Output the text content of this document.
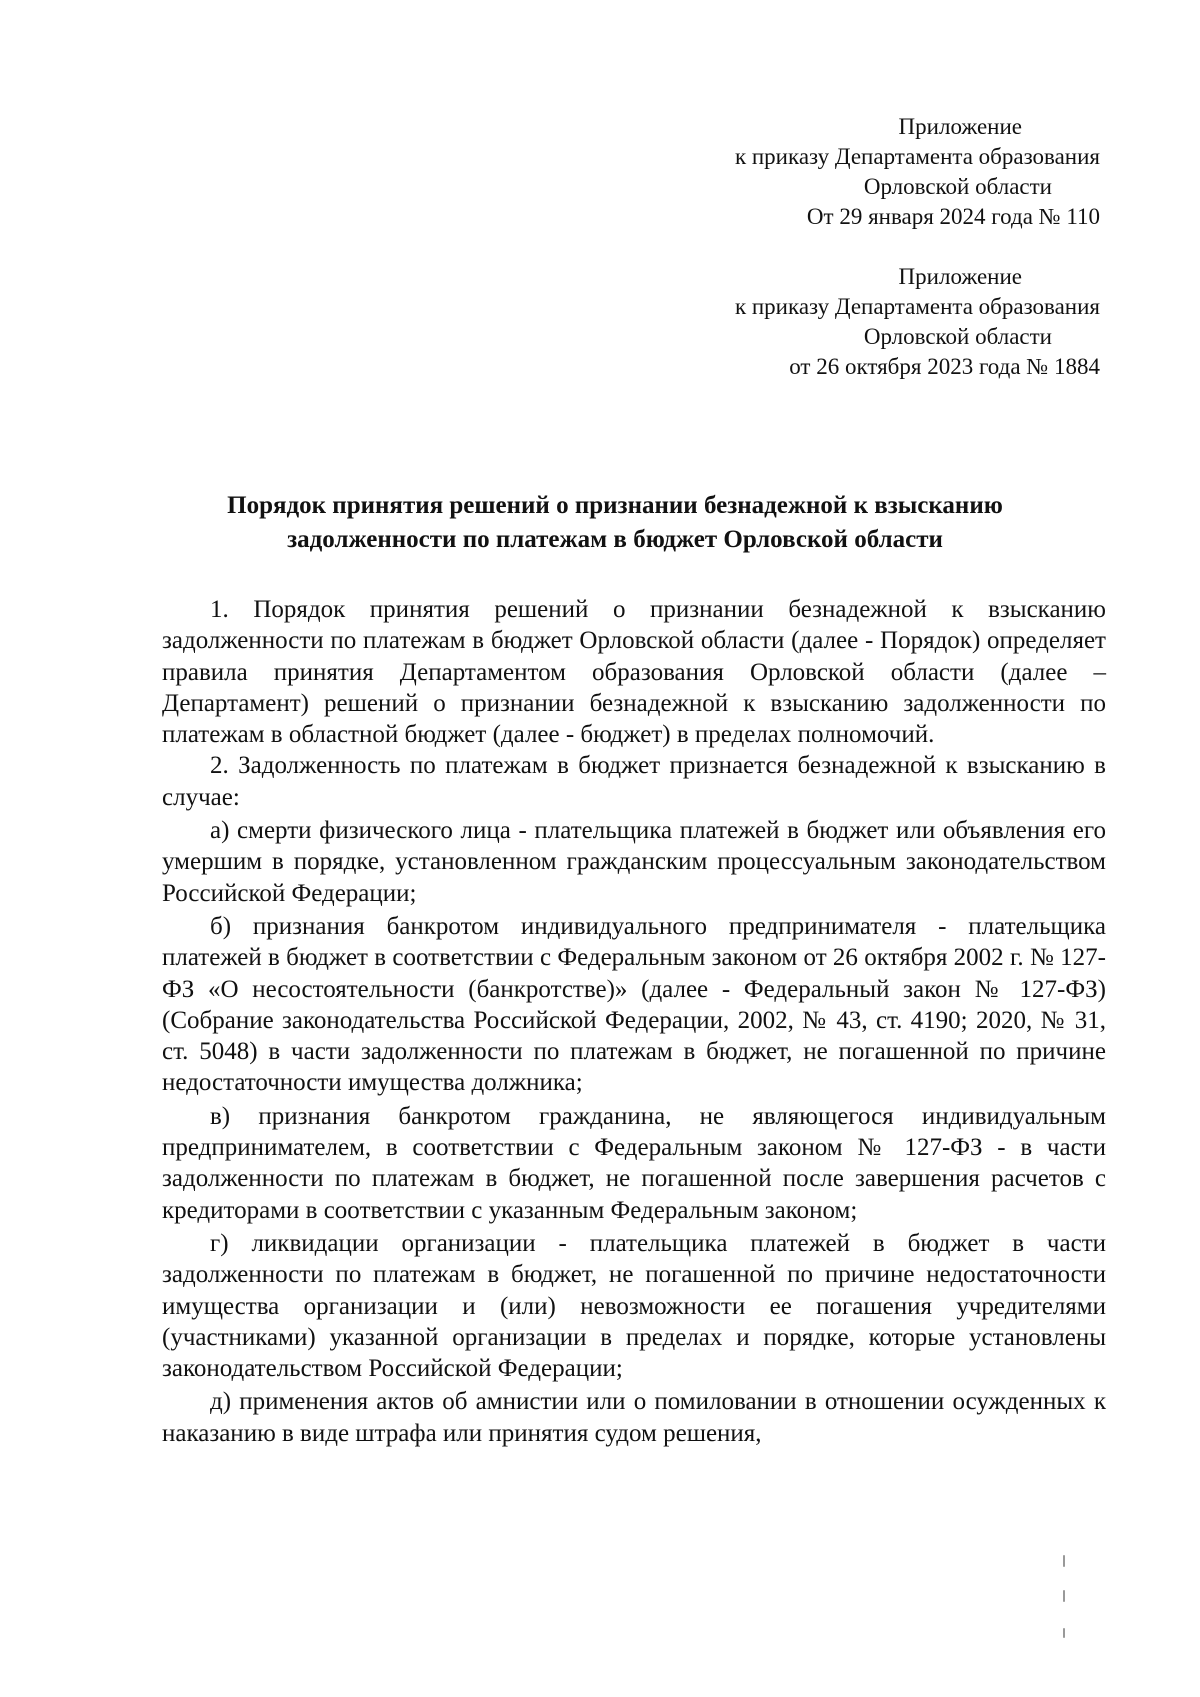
Приложение
к приказу Департамента образования
Орловской области
От 29 января 2024 года № 110
Приложение
к приказу Департамента образования
Орловской области
от 26 октября 2023 года № 1884
Порядок принятия решений о признании безнадежной к взысканию
задолженности по платежам в бюджет Орловской области

1. Порядок принятия решений о признании безнадежной к взысканию задолженности по платежам в бюджет Орловской области (далее - Порядок) определяет правила принятия Департаментом образования Орловской области (далее – Департамент) решений о признании безнадежной к взысканию задолженности по платежам в областной бюджет (далее - бюджет) в пределах полномочий.

2. Задолженность по платежам в бюджет признается безнадежной к взысканию в случае:

а) смерти физического лица - плательщика платежей в бюджет или объявления его умершим в порядке, установленном гражданским процессуальным законодательством Российской Федерации;

б) признания банкротом индивидуального предпринимателя - плательщика платежей в бюджет в соответствии с Федеральным законом от 26 октября 2002 г. № 127-ФЗ «О несостоятельности (банкротстве)» (далее - Федеральный закон № 127-ФЗ) (Собрание законодательства Российской Федерации, 2002, № 43, ст. 4190; 2020, № 31, ст. 5048) в части задолженности по платежам в бюджет, не погашенной по причине недостаточности имущества должника;

в) признания банкротом гражданина, не являющегося индивидуальным предпринимателем, в соответствии с Федеральным законом № 127-ФЗ - в части задолженности по платежам в бюджет, не погашенной после завершения расчетов с кредиторами в соответствии с указанным Федеральным законом;

г) ликвидации организации - плательщика платежей в бюджет в части задолженности по платежам в бюджет, не погашенной по причине недостаточности имущества организации и (или) невозможности ее погашения учредителями (участниками) указанной организации в пределах и порядке, которые установлены законодательством Российской Федерации;

д) применения актов об амнистии или о помиловании в отношении осужденных к наказанию в виде штрафа или принятия судом решения,
